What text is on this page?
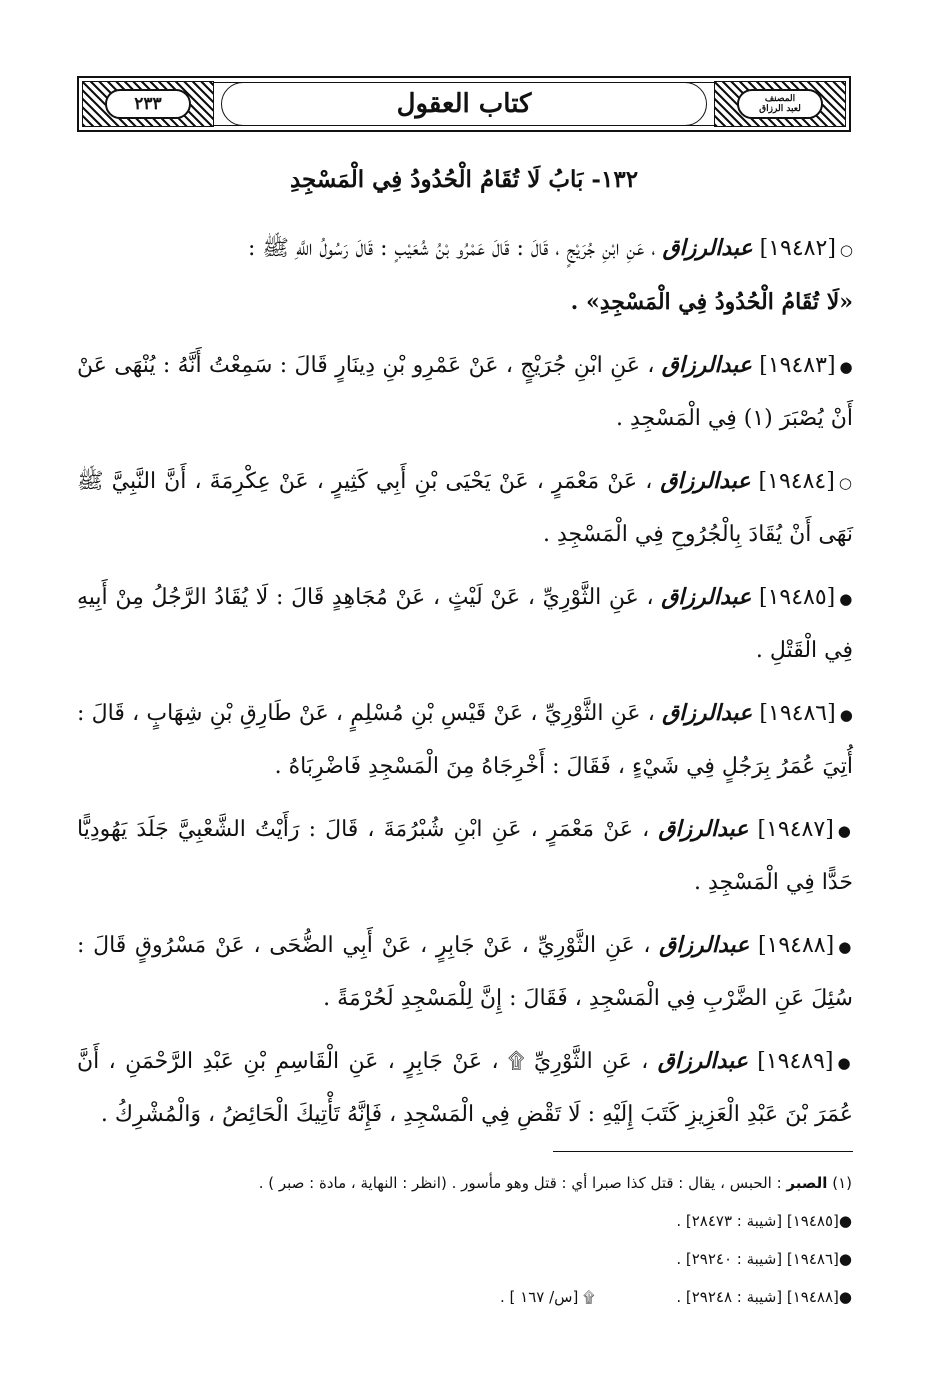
٢٣٣	كتاب العقول	المصنف
لعبد الرزاق
١٣٢- بَابُ لَا تُقَامُ الْحُدُودُ فِي الْمَسْجِدِ

○[١٩٤٨٢] عبدالرزاق ، عَنِ ابْنِ جُرَيْجٍ ، قَالَ : قَالَ عَمْرُو بْنُ شُعَيْبٍ : قَالَ رَسُولُ اللَّهِ ﷺ :
«لَا تُقَامُ الْحُدُودُ فِي الْمَسْجِدِ» .

●[١٩٤٨٣] عبدالرزاق ، عَنِ ابْنِ جُرَيْجٍ ، عَنْ عَمْرِو بْنِ دِينَارٍ قَالَ : سَمِعْتُ أَنَّهُ : يُنْهَى عَنْ أَنْ يُصْبَرَ (١) فِي الْمَسْجِدِ .

○[١٩٤٨٤] عبدالرزاق ، عَنْ مَعْمَرٍ ، عَنْ يَحْيَى بْنِ أَبِي كَثِيرٍ ، عَنْ عِكْرِمَةَ ، أَنَّ النَّبِيَّ ﷺ نَهَى أَنْ يُقَادَ بِالْجُرُوحِ فِي الْمَسْجِدِ .

●[١٩٤٨٥] عبدالرزاق ، عَنِ الثَّوْرِيِّ ، عَنْ لَيْثٍ ، عَنْ مُجَاهِدٍ قَالَ : لَا يُقَادُ الرَّجُلُ مِنْ أَبِيهِ فِي الْقَتْلِ .

●[١٩٤٨٦] عبدالرزاق ، عَنِ الثَّوْرِيِّ ، عَنْ قَيْسِ بْنِ مُسْلِمٍ ، عَنْ طَارِقِ بْنِ شِهَابٍ ، قَالَ : أُتِيَ عُمَرُ بِرَجُلٍ فِي شَيْءٍ ، فَقَالَ : أَخْرِجَاهُ مِنَ الْمَسْجِدِ فَاضْرِبَاهُ .

●[١٩٤٨٧] عبدالرزاق ، عَنْ مَعْمَرٍ ، عَنِ ابْنِ شُبْرُمَةَ ، قَالَ : رَأَيْتُ الشَّعْبِيَّ جَلَدَ يَهُودِيًّا حَدًّا فِي الْمَسْجِدِ .

●[١٩٤٨٨] عبدالرزاق ، عَنِ الثَّوْرِيِّ ، عَنْ جَابِرٍ ، عَنْ أَبِي الضُّحَى ، عَنْ مَسْرُوقٍ قَالَ : سُئِلَ عَنِ الضَّرْبِ فِي الْمَسْجِدِ ، فَقَالَ : إِنَّ لِلْمَسْجِدِ لَحُرْمَةً .

●[١٩٤٨٩] عبدالرزاق ، عَنِ الثَّوْرِيِّ ۩ ، عَنْ جَابِرٍ ، عَنِ الْقَاسِمِ بْنِ عَبْدِ الرَّحْمَنِ ، أَنَّ عُمَرَ بْنَ عَبْدِ الْعَزِيزِ كَتَبَ إِلَيْهِ : لَا تَقْضِ فِي الْمَسْجِدِ ، فَإِنَّهُ تَأْتِيكَ الْحَائِضُ ، وَالْمُشْرِكُ .

(١) الصبر : الحبس ، يقال : قتل كذا صبرا أي : قتل وهو مأسور . (انظر : النهاية ، مادة : صبر ) .
●[١٩٤٨٥] [شيبة : ٢٨٤٧٣] .
●[١٩٤٨٦] [شيبة : ٢٩٢٤٠] .
●[١٩٤٨٨] [شيبة : ٢٩٢٤٨] .
۩ [س/ ١٦٧ ] .
